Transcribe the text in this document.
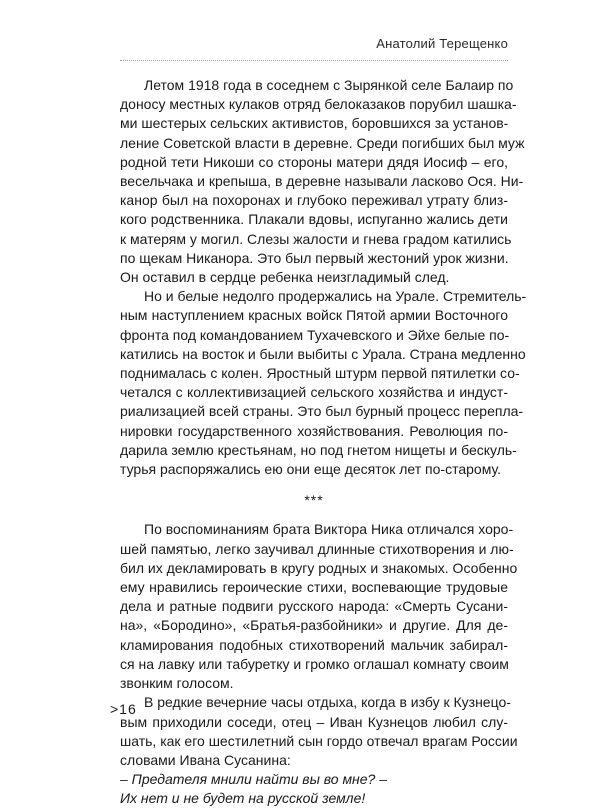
Анатолий Терещенко

Летом 1918 года в соседнем с Зырянкой селе Балаир по
доносу местных кулаков отряд белоказаков порубил шашка-
ми шестерых сельских активистов, боровшихся за установ-
ление Советской власти в деревне. Среди погибших был муж
родной тети Никоши со стороны матери дядя Иосиф – его,
весельчака и крепыша, в деревне называли ласково Ося. Ни-
канор был на похоронах и глубоко переживал утрату близ-
кого родственника. Плакали вдовы, испуганно жались дети
к матерям у могил. Слезы жалости и гнева градом катились
по щекам Никанора. Это был первый жестоний урок жизни.
Он оставил в сердце ребенка неизгладимый след.

Но и белые недолго продержались на Урале. Стремитель-
ным наступлением красных войск Пятой армии Восточного
фронта под командованием Тухачевского и Эйхе белые по-
катились на восток и были выбиты с Урала. Страна медленно
поднималась с колен. Яростный штурм первой пятилетки со-
четался с коллективизацией сельского хозяйства и индуст-
риализацией всей страны. Это был бурный процесс перепла-
нировки государственного хозяйствования. Революция по-
дарила землю крестьянам, но под гнетом нищеты и бескуль-
турья распоряжались ею они еще десяток лет по-старому.

***

По воспоминаниям брата Виктора Ника отличался хоро-
шей памятью, легко заучивал длинные стихотворения и лю-
бил их декламировать в кругу родных и знакомых. Особенно
ему нравились героические стихи, воспевающие трудовые
дела и ратные подвиги русского народа: «Смерть Сусани-
на», «Бородино», «Братья-разбойники» и другие. Для де-
кламирования подобных стихотворений мальчик забирал-
ся на лавку или табуретку и громко оглашал комнату своим
звонким голосом.

В редкие вечерние часы отдыха, когда в избу к Кузнецо-
вым приходили соседи, отец – Иван Кузнецов любил слу-
шать, как его шестилетний сын гордо отвечал врагам России
словами Ивана Сусанина:

– Предателя мнили найти вы во мне? –
Их нет и не будет на русской земле!
>16
